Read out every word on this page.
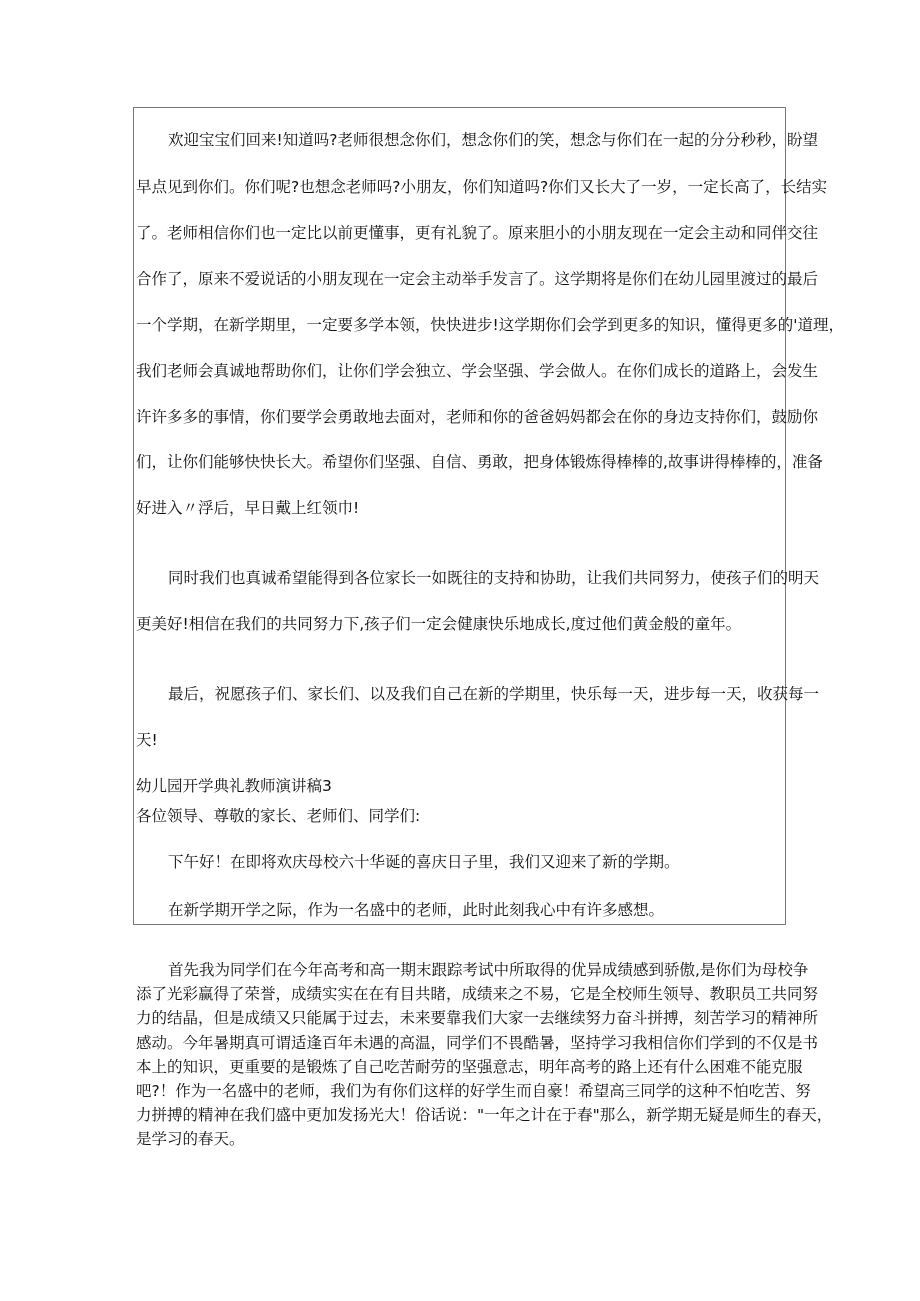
欢迎宝宝们回来!知道吗?老师很想念你们，想念你们的笑，想念与你们在一起的分分秒秒，盼望
早点见到你们。你们呢?也想念老师吗?小朋友，你们知道吗?你们又长大了一岁，一定长高了，长结实
了。老师相信你们也一定比以前更懂事，更有礼貌了。原来胆小的小朋友现在一定会主动和同伴交往
合作了，原来不爱说话的小朋友现在一定会主动举手发言了。这学期将是你们在幼儿园里渡过的最后
一个学期，在新学期里，一定要多学本领，快快进步!这学期你们会学到更多的知识，懂得更多的'道理，
我们老师会真诚地帮助你们，让你们学会独立、学会坚强、学会做人。在你们成长的道路上，会发生
许许多多的事情，你们要学会勇敢地去面对，老师和你的爸爸妈妈都会在你的身边支持你们，鼓励你
们，让你们能够快快长大。希望你们坚强、自信、勇敢，把身体锻炼得棒棒的,故事讲得棒棒的，准备
好进入〃浮后，早日戴上红领巾!
同时我们也真诚希望能得到各位家长一如既往的支持和协助，让我们共同努力，使孩子们的明天
更美好!相信在我们的共同努力下,孩子们一定会健康快乐地成长,度过他们黄金般的童年。
最后，祝愿孩子们、家长们、以及我们自己在新的学期里，快乐每一天，进步每一天，收获每一
天!
幼儿园开学典礼教师演讲稿3
各位领导、尊敬的家长、老师们、同学们:
下午好！在即将欢庆母校六十华诞的喜庆日子里，我们又迎来了新的学期。
在新学期开学之际，作为一名盛中的老师，此时此刻我心中有许多感想。
首先我为同学们在今年高考和高一期末跟踪考试中所取得的优异成绩感到骄傲,是你们为母校争
添了光彩赢得了荣誉，成绩实实在在有目共睹，成绩来之不易，它是全校师生领导、教职员工共同努
力的结晶，但是成绩又只能属于过去，未来要靠我们大家一去继续努力奋斗拼搏，刻苦学习的精神所
感动。今年暑期真可谓适逢百年未遇的高温，同学们不畏酷暑，坚持学习我相信你们学到的不仅是书
本上的知识，更重要的是锻炼了自己吃苦耐劳的坚强意志，明年高考的路上还有什么困难不能克服
吧?！作为一名盛中的老师，我们为有你们这样的好学生而自豪！希望高三同学的这种不怕吃苦、努
力拼搏的精神在我们盛中更加发扬光大！俗话说："一年之计在于春"那么，新学期无疑是师生的春天，
是学习的春天。
